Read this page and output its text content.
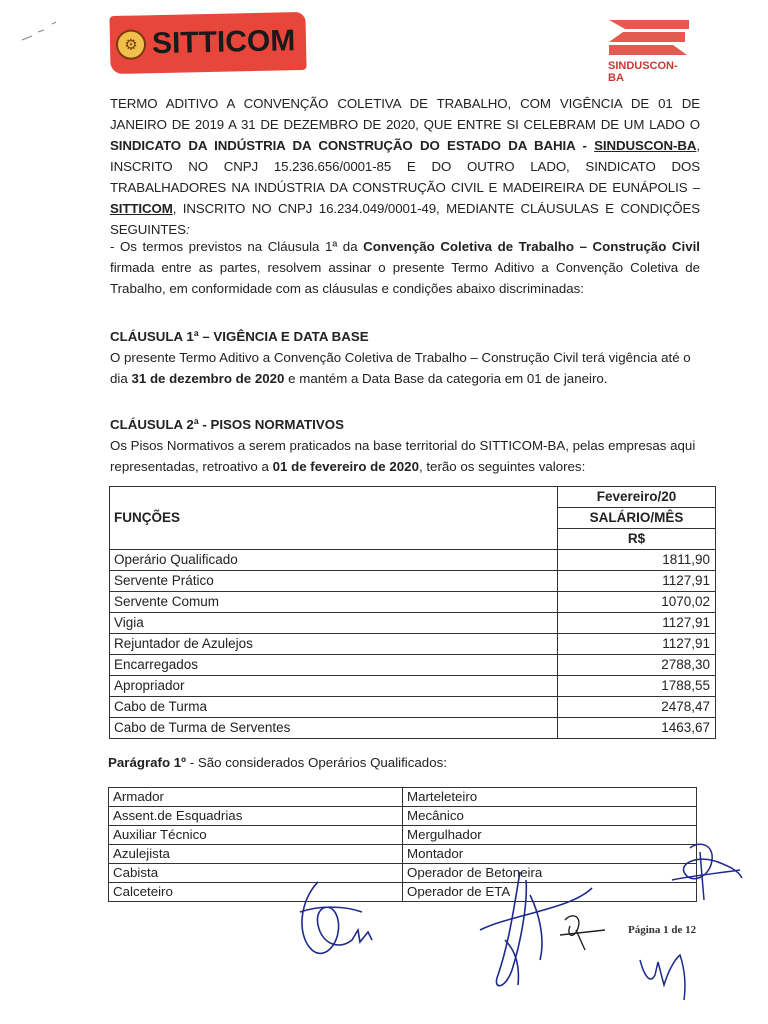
⚙ SITTICOM
SINDUSCON-BA
TERMO ADITIVO A CONVENÇÃO COLETIVA DE TRABALHO, COM VIGÊNCIA DE 01 DE JANEIRO DE 2019 A 31 DE DEZEMBRO DE 2020, QUE ENTRE SI CELEBRAM DE UM LADO O SINDICATO DA INDÚSTRIA DA CONSTRUÇÃO DO ESTADO DA BAHIA - SINDUSCON-BA, INSCRITO NO CNPJ 15.236.656/0001-85 E DO OUTRO LADO, SINDICATO DOS TRABALHADORES NA INDÚSTRIA DA CONSTRUÇÃO CIVIL E MADEIREIRA DE EUNÁPOLIS – SITTICOM, INSCRITO NO CNPJ 16.234.049/0001-49, MEDIANTE CLÁUSULAS E CONDIÇÕES SEGUINTES:
- Os termos previstos na Cláusula 1ª da Convenção Coletiva de Trabalho – Construção Civil firmada entre as partes, resolvem assinar o presente Termo Aditivo a Convenção Coletiva de Trabalho, em conformidade com as cláusulas e condições abaixo discriminadas:
CLÁUSULA 1ª – VIGÊNCIA E DATA BASE
O presente Termo Aditivo a Convenção Coletiva de Trabalho – Construção Civil terá vigência até o dia 31 de dezembro de 2020 e mantém a Data Base da categoria em 01 de janeiro.
CLÁUSULA 2ª - PISOS NORMATIVOS
Os Pisos Normativos a serem praticados na base territorial do SITTICOM-BA, pelas empresas aqui representadas, retroativo a 01 de fevereiro de 2020, terão os seguintes valores:
FUNÇÕES	Fevereiro/20
	SALÁRIO/MÊS
	R$
Operário Qualificado	1811,90
Servente Prático	1127,91
Servente Comum	1070,02
Vigia	1127,91
Rejuntador de Azulejos	1127,91
Encarregados	2788,30
Apropriador	1788,55
Cabo de Turma	2478,47
Cabo de Turma de Serventes	1463,67
Parágrafo 1º - São considerados Operários Qualificados:
Armador	Marteleteiro
Assent.de Esquadrias	Mecânico
Auxiliar Técnico	Mergulhador
Azulejista	Montador
Cabista	Operador de Betoneira
Calceteiro	Operador de ETA
Página 1 de 12
